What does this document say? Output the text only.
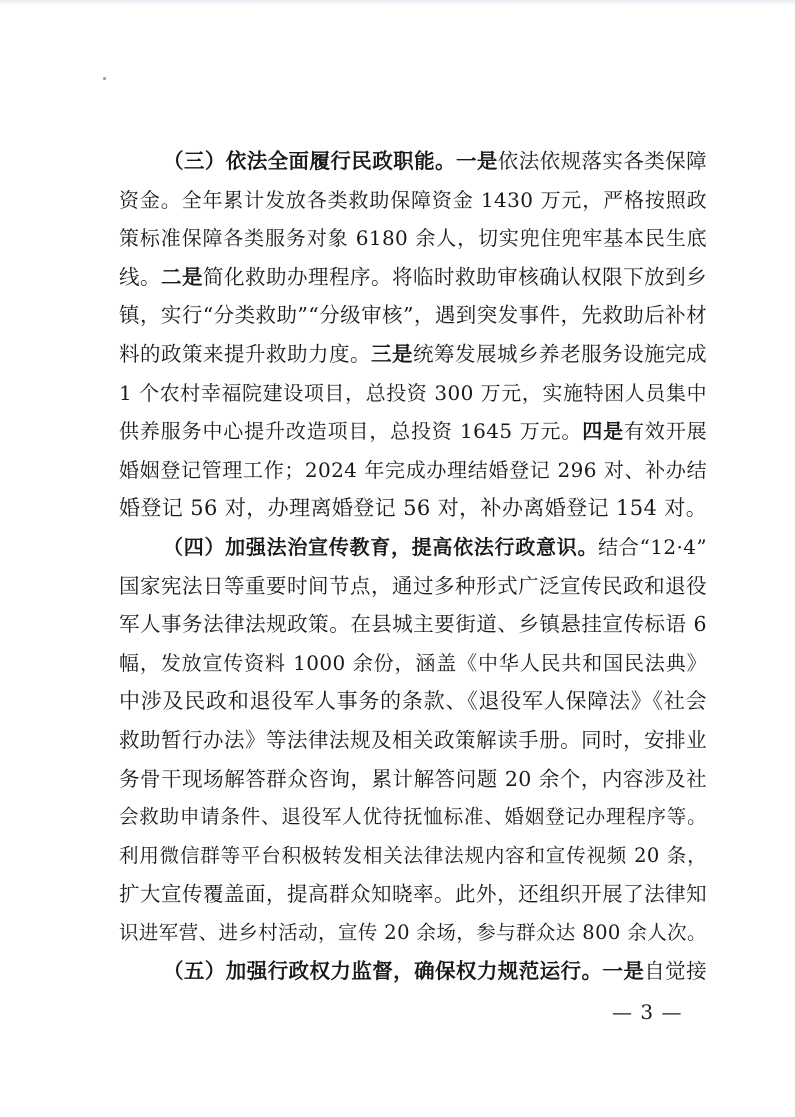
（三）依法全面履行民政职能。一是依法依规落实各类保障
资金。全年累计发放各类救助保障资金 1430 万元，严格按照政
策标准保障各类服务对象 6180 余人，切实兜住兜牢基本民生底
线。二是简化救助办理程序。将临时救助审核确认权限下放到乡
镇，实行“分类救助”“分级审核”，遇到突发事件，先救助后补材
料的政策来提升救助力度。三是统筹发展城乡养老服务设施完成
1 个农村幸福院建设项目，总投资 300 万元，实施特困人员集中
供养服务中心提升改造项目，总投资 1645 万元。四是有效开展
婚姻登记管理工作；2024 年完成办理结婚登记 296 对、补办结
婚登记 56 对，办理离婚登记 56 对，补办离婚登记 154 对。
（四）加强法治宣传教育，提高依法行政意识。结合“12·4”
国家宪法日等重要时间节点，通过多种形式广泛宣传民政和退役
军人事务法律法规政策。在县城主要街道、乡镇悬挂宣传标语 6
幅，发放宣传资料 1000 余份，涵盖《中华人民共和国民法典》
中涉及民政和退役军人事务的条款、《退役军人保障法》《社会
救助暂行办法》等法律法规及相关政策解读手册。同时，安排业
务骨干现场解答群众咨询，累计解答问题 20 余个，内容涉及社
会救助申请条件、退役军人优待抚恤标准、婚姻登记办理程序等。
利用微信群等平台积极转发相关法律法规内容和宣传视频 20 条，
扩大宣传覆盖面，提高群众知晓率。此外，还组织开展了法律知
识进军营、进乡村活动，宣传 20 余场，参与群众达 800 余人次。
（五）加强行政权力监督，确保权力规范运行。一是自觉接
— 3 —
